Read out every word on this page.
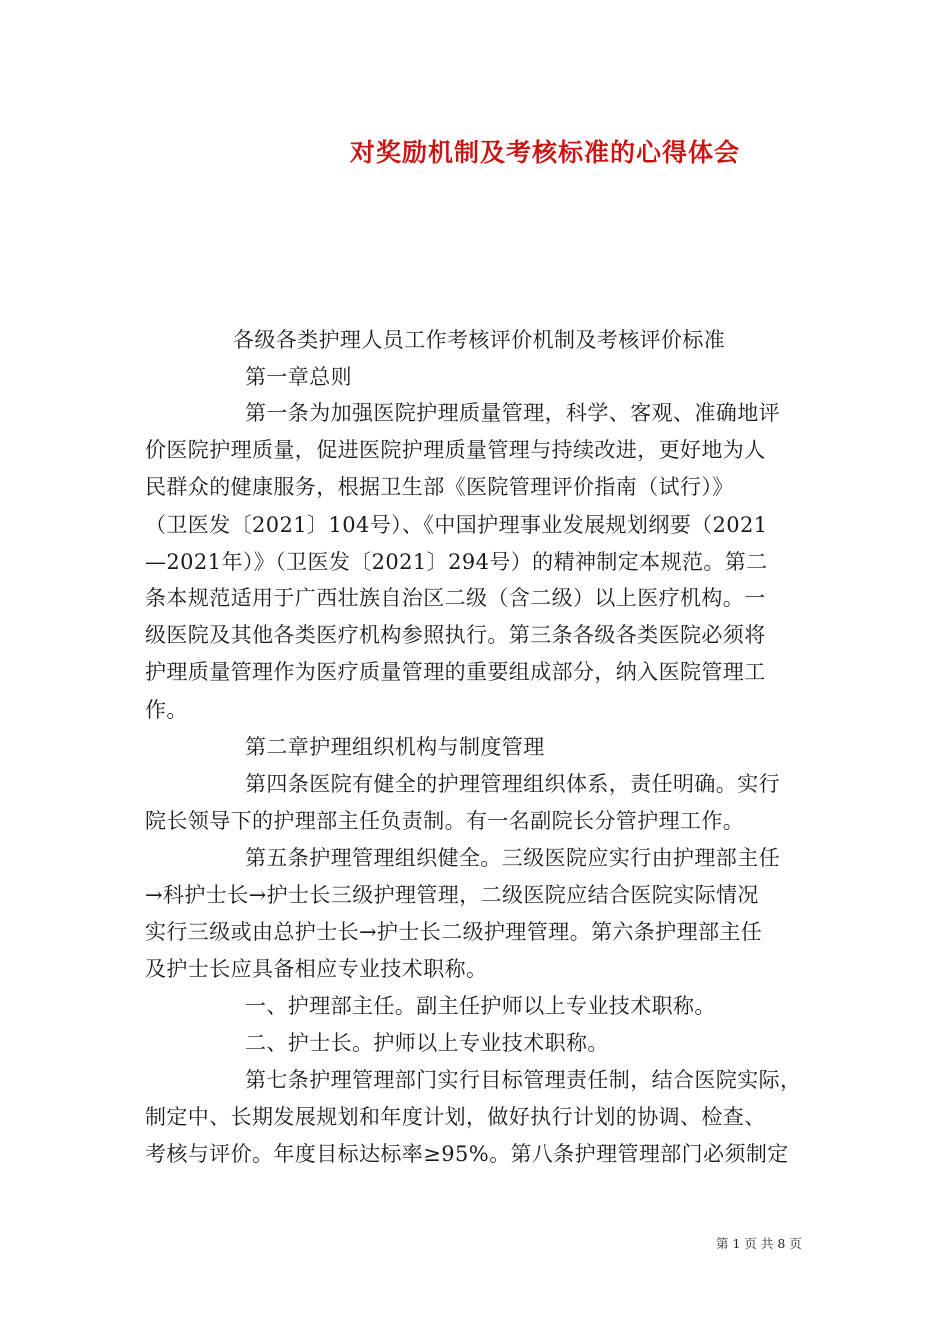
对奖励机制及考核标准的心得体会
各级各类护理人员工作考核评价机制及考核评价标准
第一章总则
第一条为加强医院护理质量管理，科学、客观、准确地评
价医院护理质量，促进医院护理质量管理与持续改进，更好地为人
民群众的健康服务，根据卫生部《医院管理评价指南（试行）》
（卫医发〔2021〕104号）、《中国护理事业发展规划纲要（2021
—2021年）》（卫医发〔2021〕294号）的精神制定本规范。第二
条本规范适用于广西壮族自治区二级（含二级）以上医疗机构。一
级医院及其他各类医疗机构参照执行。第三条各级各类医院必须将
护理质量管理作为医疗质量管理的重要组成部分，纳入医院管理工
作。
第二章护理组织机构与制度管理
第四条医院有健全的护理管理组织体系，责任明确。实行
院长领导下的护理部主任负责制。有一名副院长分管护理工作。
第五条护理管理组织健全。三级医院应实行由护理部主任
→科护士长→护士长三级护理管理，二级医院应结合医院实际情况
实行三级或由总护士长→护士长二级护理管理。第六条护理部主任
及护士长应具备相应专业技术职称。
一、护理部主任。副主任护师以上专业技术职称。
二、护士长。护师以上专业技术职称。
第七条护理管理部门实行目标管理责任制，结合医院实际，
制定中、长期发展规划和年度计划，做好执行计划的协调、检查、
考核与评价。年度目标达标率≥95%。第八条护理管理部门必须制定
第 1 页 共 8 页
